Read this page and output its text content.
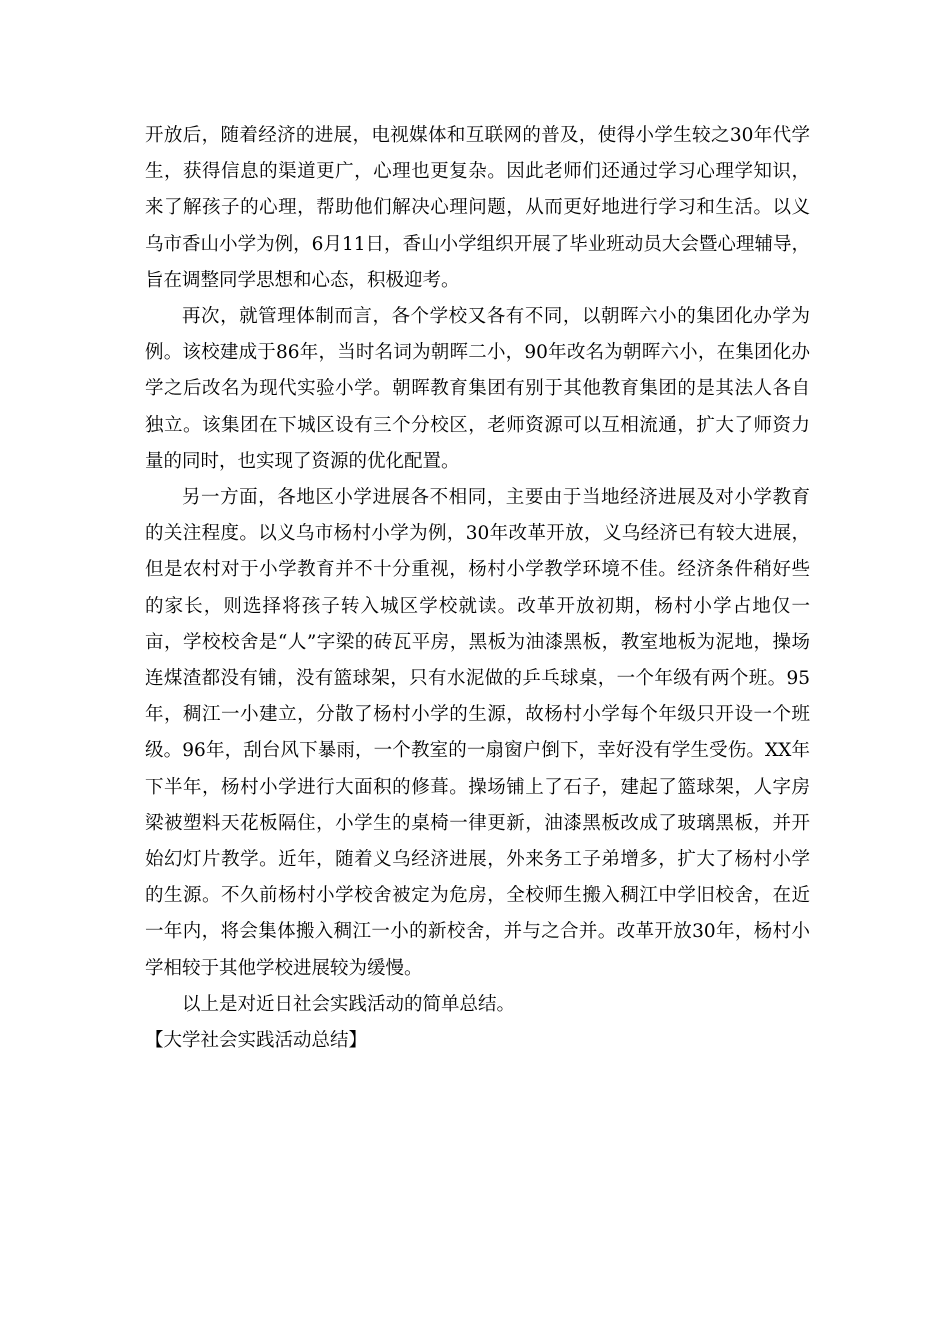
开放后，随着经济的进展，电视媒体和互联网的普及，使得小学生较之30年代学生，获得信息的渠道更广，心理也更复杂。因此老师们还通过学习心理学知识，来了解孩子的心理，帮助他们解决心理问题，从而更好地进行学习和生活。以义乌市香山小学为例，6月11日，香山小学组织开展了毕业班动员大会暨心理辅导，旨在调整同学思想和心态，积极迎考。

再次，就管理体制而言，各个学校又各有不同，以朝晖六小的集团化办学为例。该校建成于86年，当时名词为朝晖二小，90年改名为朝晖六小，在集团化办学之后改名为现代实验小学。朝晖教育集团有别于其他教育集团的是其法人各自独立。该集团在下城区设有三个分校区，老师资源可以互相流通，扩大了师资力量的同时，也实现了资源的优化配置。

另一方面，各地区小学进展各不相同，主要由于当地经济进展及对小学教育的关注程度。以义乌市杨村小学为例，30年改革开放，义乌经济已有较大进展，但是农村对于小学教育并不十分重视，杨村小学教学环境不佳。经济条件稍好些的家长，则选择将孩子转入城区学校就读。改革开放初期，杨村小学占地仅一亩，学校校舍是“人”字梁的砖瓦平房，黑板为油漆黑板，教室地板为泥地，操场连煤渣都没有铺，没有篮球架，只有水泥做的乒乓球桌，一个年级有两个班。95年，稠江一小建立，分散了杨村小学的生源，故杨村小学每个年级只开设一个班级。96年，刮台风下暴雨，一个教室的一扇窗户倒下，幸好没有学生受伤。XX年下半年，杨村小学进行大面积的修葺。操场铺上了石子，建起了篮球架，人字房梁被塑料天花板隔住，小学生的桌椅一律更新，油漆黑板改成了玻璃黑板，并开始幻灯片教学。近年，随着义乌经济进展，外来务工子弟增多，扩大了杨村小学的生源。不久前杨村小学校舍被定为危房，全校师生搬入稠江中学旧校舍，在近一年内，将会集体搬入稠江一小的新校舍，并与之合并。改革开放30年，杨村小学相较于其他学校进展较为缓慢。

以上是对近日社会实践活动的简单总结。

【大学社会实践活动总结】
